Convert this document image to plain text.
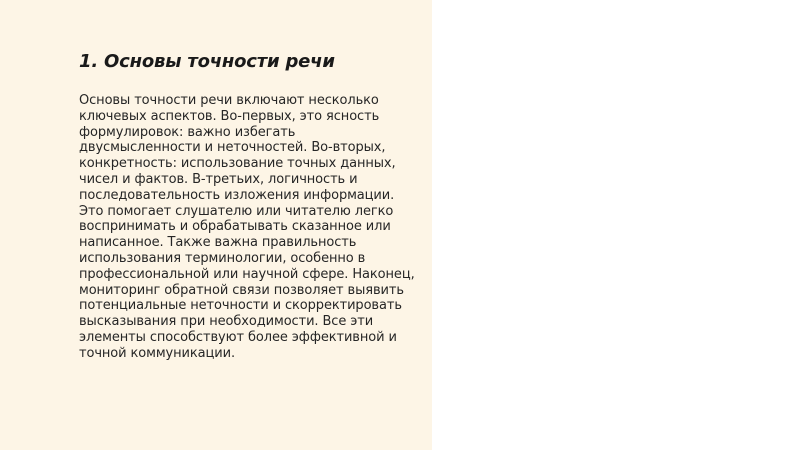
1. Основы точности речи

Основы точности речи включают несколько
ключевых аспектов. Во-первых, это ясность
формулировок: важно избегать
двусмысленности и неточностей. Во-вторых,
конкретность: использование точных данных,
чисел и фактов. В-третьих, логичность и
последовательность изложения информации.
Это помогает слушателю или читателю легко
воспринимать и обрабатывать сказанное или
написанное. Также важна правильность
использования терминологии, особенно в
профессиональной или научной сфере. Наконец,
мониторинг обратной связи позволяет выявить
потенциальные неточности и скорректировать
высказывания при необходимости. Все эти
элементы способствуют более эффективной и
точной коммуникации.
